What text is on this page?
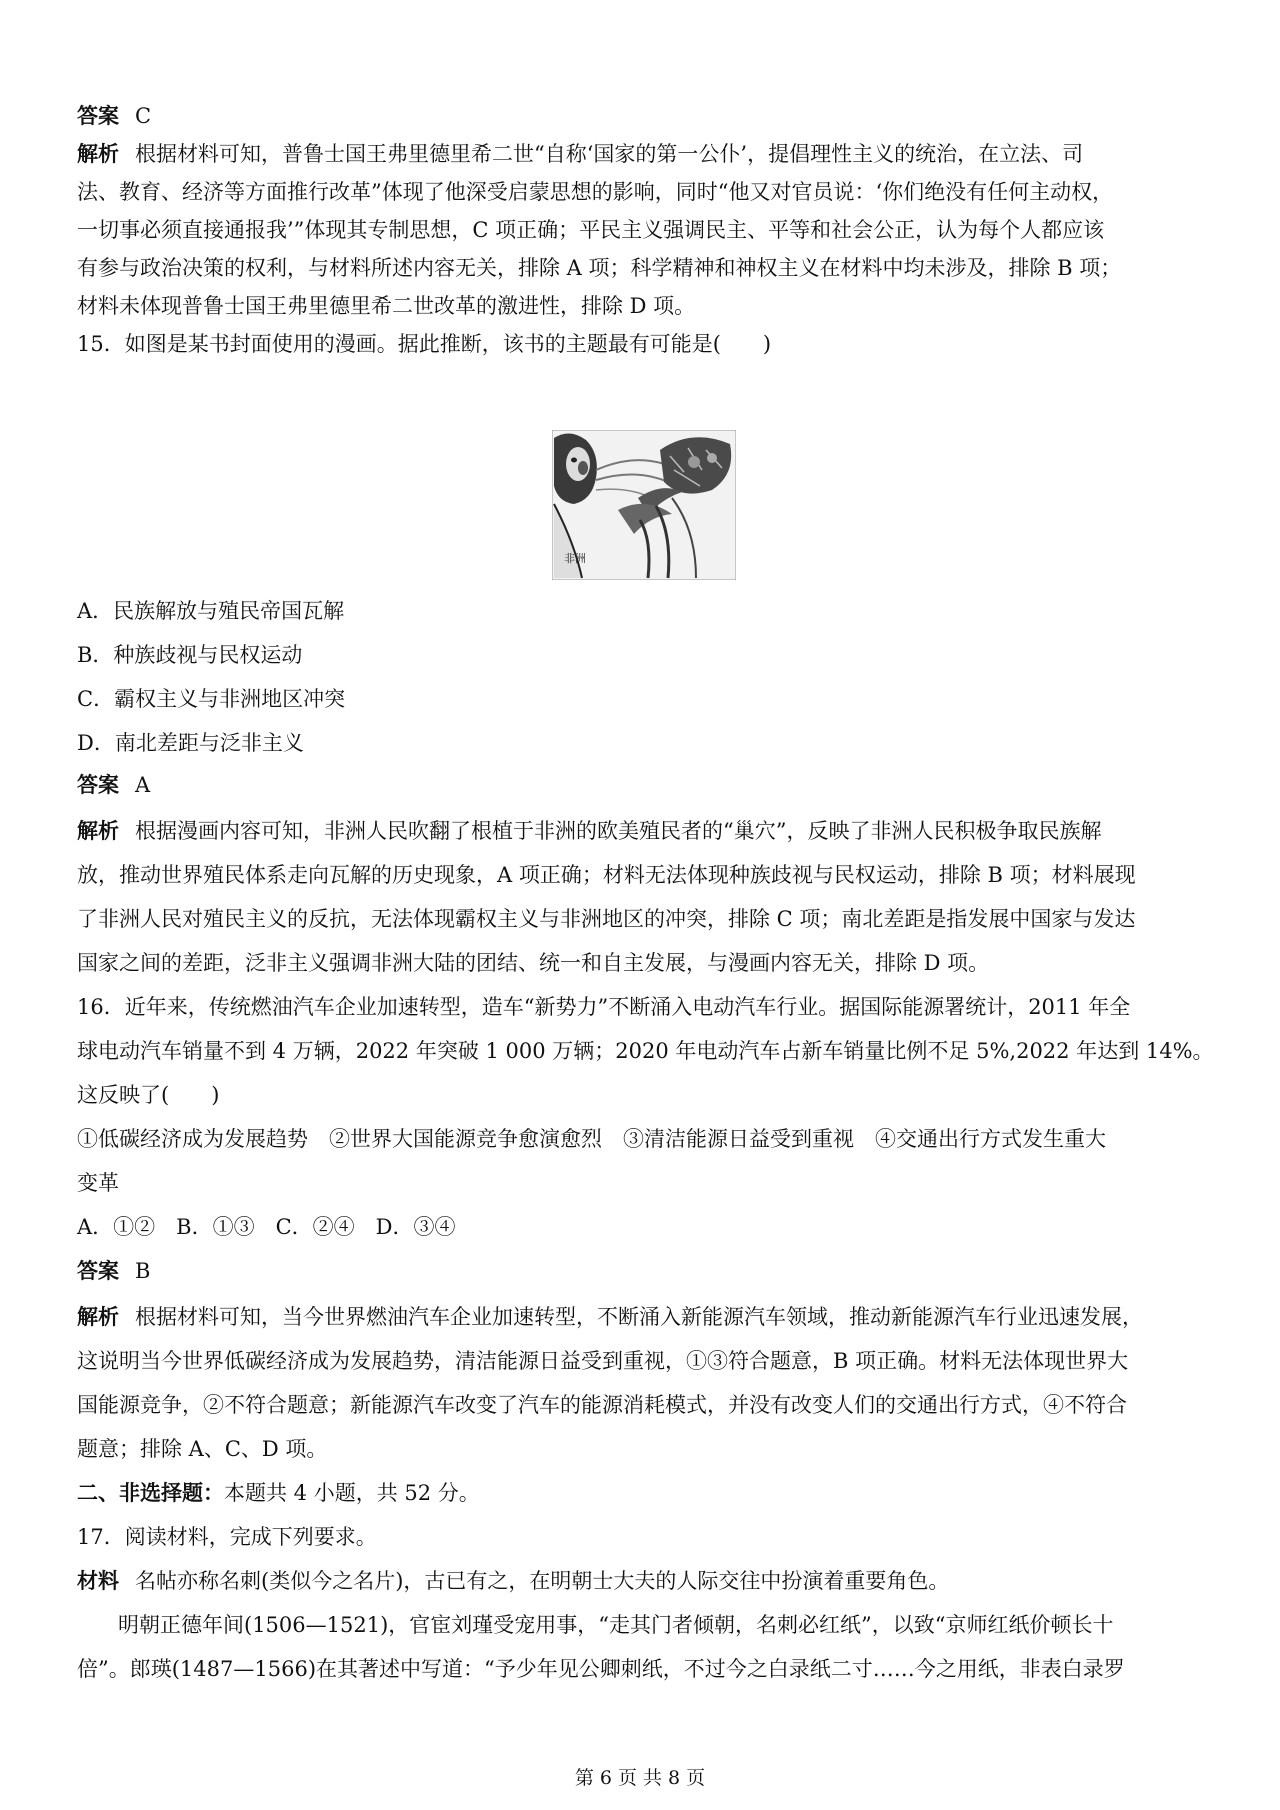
答案 C
解析 根据材料可知，普鲁士国王弗里德里希二世“自称‘国家的第一公仆’，提倡理性主义的统治，在立法、司
法、教育、经济等方面推行改革”体现了他深受启蒙思想的影响，同时“他又对官员说：‘你们绝没有任何主动权，
一切事必须直接通报我’”体现其专制思想，C 项正确；平民主义强调民主、平等和社会公正，认为每个人都应该
有参与政治决策的权利，与材料所述内容无关，排除 A 项；科学精神和神权主义在材料中均未涉及，排除 B 项；
材料未体现普鲁士国王弗里德里希二世改革的激进性，排除 D 项。
15．如图是某书封面使用的漫画。据此推断，该书的主题最有可能是(　　)
非洲
A．民族解放与殖民帝国瓦解
B．种族歧视与民权运动
C．霸权主义与非洲地区冲突
D．南北差距与泛非主义
答案 A
解析 根据漫画内容可知，非洲人民吹翻了根植于非洲的欧美殖民者的“巢穴”，反映了非洲人民积极争取民族解
放，推动世界殖民体系走向瓦解的历史现象，A 项正确；材料无法体现种族歧视与民权运动，排除 B 项；材料展现
了非洲人民对殖民主义的反抗，无法体现霸权主义与非洲地区的冲突，排除 C 项；南北差距是指发展中国家与发达
国家之间的差距，泛非主义强调非洲大陆的团结、统一和自主发展，与漫画内容无关，排除 D 项。
16．近年来，传统燃油汽车企业加速转型，造车“新势力”不断涌入电动汽车行业。据国际能源署统计，2011 年全
球电动汽车销量不到 4 万辆，2022 年突破 1 000 万辆；2020 年电动汽车占新车销量比例不足 5%,2022 年达到 14%。
这反映了(　　)
①低碳经济成为发展趋势　②世界大国能源竞争愈演愈烈　③清洁能源日益受到重视　④交通出行方式发生重大
变革
A．①②　B．①③　C．②④　D．③④
答案 B
解析 根据材料可知，当今世界燃油汽车企业加速转型，不断涌入新能源汽车领域，推动新能源汽车行业迅速发展，
这说明当今世界低碳经济成为发展趋势，清洁能源日益受到重视，①③符合题意，B 项正确。材料无法体现世界大
国能源竞争，②不符合题意；新能源汽车改变了汽车的能源消耗模式，并没有改变人们的交通出行方式，④不符合
题意；排除 A、C、D 项。
二、非选择题：本题共 4 小题，共 52 分。
17．阅读材料，完成下列要求。
材料 名帖亦称名刺(类似今之名片)，古已有之，在明朝士大夫的人际交往中扮演着重要角色。
明朝正德年间(1506—1521)，官宦刘瑾受宠用事，“走其门者倾朝，名刺必红纸”，以致“京师红纸价顿长十
倍”。郎瑛(1487—1566)在其著述中写道：“予少年见公卿刺纸，不过今之白录纸二寸……今之用纸，非表白录罗
第 6 页 共 8 页
